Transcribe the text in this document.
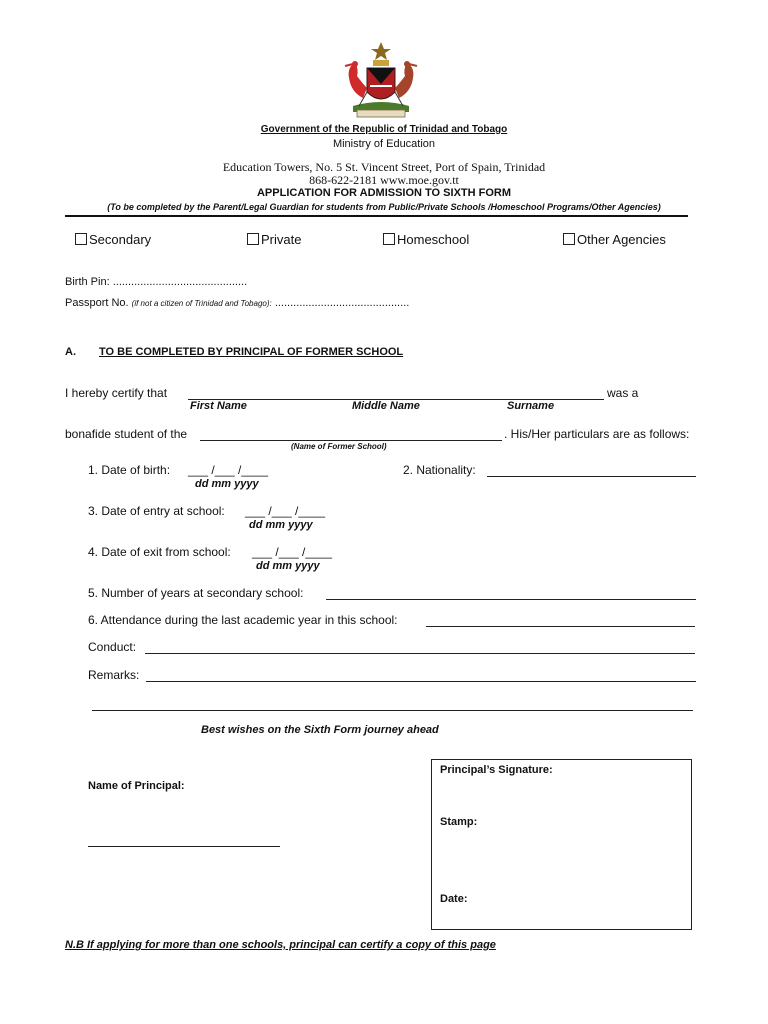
Government of the Republic of Trinidad and Tobago
Ministry of Education
Education Towers, No. 5 St. Vincent Street, Port of Spain, Trinidad
868-622-2181 www.moe.gov.tt
APPLICATION FOR ADMISSION TO SIXTH FORM
(To be completed by the Parent/Legal Guardian for students from Public/Private Schools /Homeschool Programs/Other Agencies)
Secondary	Private	Homeschool	Other Agencies
Birth Pin: ............................................
Passport No. (if not a citizen of Trinidad and Tobago): ............................................
A. TO BE COMPLETED BY PRINCIPAL OF FORMER SCHOOL
I hereby certify that	was a
First Name	Middle Name	Surname
bonafide student of the	. His/Her particulars are as follows:
(Name of Former School)
1. Date of birth: ___ /___ /____
dd mm yyyy
2. Nationality:
3. Date of entry at school: ___ /___ /____
dd mm yyyy
4. Date of exit from school: ___ /___ /____
dd mm yyyy
5. Number of years at secondary school:
6. Attendance during the last academic year in this school:
Conduct:
Remarks:
Best wishes on the Sixth Form journey ahead
Name of Principal:
Principal’s Signature:
Stamp:
Date:
N.B If applying for more than one schools, principal can certify a copy of this page
